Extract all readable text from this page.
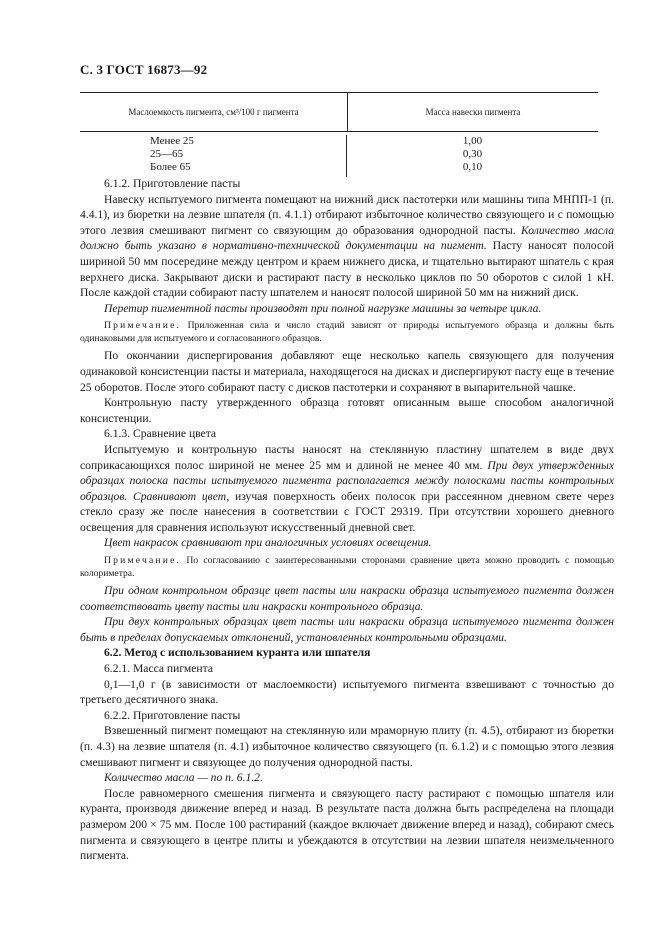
С. 3 ГОСТ 16873—92
Маслоемкость пигмента, см³/100 г пигмента	Масса навески пигмента
Менее 25
25—65
Более 65
1,00
0,30
0,10

6.1.2. Приготовление пасты

Навеску испытуемого пигмента помещают на нижний диск пастотерки или машины типа МНПП-1 (п. 4.4.1), из бюретки на лезвие шпателя (п. 4.1.1) отбирают избыточное количество связующего и с помощью этого лезвия смешивают пигмент со связующим до образования однородной пасты. Количество масла должно быть указано в нормативно-технической документации на пигмент. Пасту наносят полосой шириной 50 мм посередине между центром и краем нижнего диска, и тщательно вытирают шпатель с края верхнего диска. Закрывают диски и растирают пасту в несколько циклов по 50 оборотов с силой 1 кН. После каждой стадии собирают пасту шпателем и наносят полосой шириной 50 мм на нижний диск.

Перетир пигментной пасты производят при полной нагрузке машины за четыре цикла.

Примечание. Приложенная сила и число стадий зависят от природы испытуемого образца и должны быть одинаковыми для испытуемого и согласованного образцов.

По окончании диспергирования добавляют еще несколько капель связующего для получения одинаковой консистенции пасты и материала, находящегося на дисках и диспергируют пасту еще в течение 25 оборотов. После этого собирают пасту с дисков пастотерки и сохраняют в выпарительной чашке.

Контрольную пасту утвержденного образца готовят описанным выше способом аналогичной консистенции.

6.1.3. Сравнение цвета

Испытуемую и контрольную пасты наносят на стеклянную пластину шпателем в виде двух соприкасающихся полос шириной не менее 25 мм и длиной не менее 40 мм. При двух утвержденных образцах полоска пасты испытуемого пигмента располагается между полосками пасты контрольных образцов. Сравнивают цвет, изучая поверхность обеих полосок при рассеянном дневном свете через стекло сразу же после нанесения в соответствии с ГОСТ 29319. При отсутствии хорошего дневного освещения для сравнения используют искусственный дневной свет.

Цвет накрасок сравнивают при аналогичных условиях освещения.

Примечание. По согласованию с заинтересованными сторонами сравнение цвета можно проводить с помощью колориметра.

При одном контрольном образце цвет пасты или накраски образца испытуемого пигмента должен соответствовать цвету пасты или накраски контрольного образца.

При двух контрольных образцах цвет пасты или накраски образца испытуемого пигмента должен быть в пределах допускаемых отклонений, установленных контрольными образцами.

6.2. Метод с использованием куранта или шпателя

6.2.1. Масса пигмента

0,1—1,0 г (в зависимости от маслоемкости) испытуемого пигмента взвешивают с точностью до третьего десятичного знака.

6.2.2. Приготовление пасты

Взвешенный пигмент помещают на стеклянную или мраморную плиту (п. 4.5), отбирают из бюретки (п. 4.3) на лезвие шпателя (п. 4.1) избыточное количество связующего (п. 6.1.2) и с помощью этого лезвия смешивают пигмент и связующее до получения однородной пасты.

Количество масла — по п. 6.1.2.

После равномерного смешения пигмента и связующего пасту растирают с помощью шпателя или куранта, производя движение вперед и назад. В результате паста должна быть распределена на площади размером 200 × 75 мм. После 100 растираний (каждое включает движение вперед и назад), собирают смесь пигмента и связующего в центре плиты и убеждаются в отсутствии на лезвии шпателя неизмельченного пигмента.
